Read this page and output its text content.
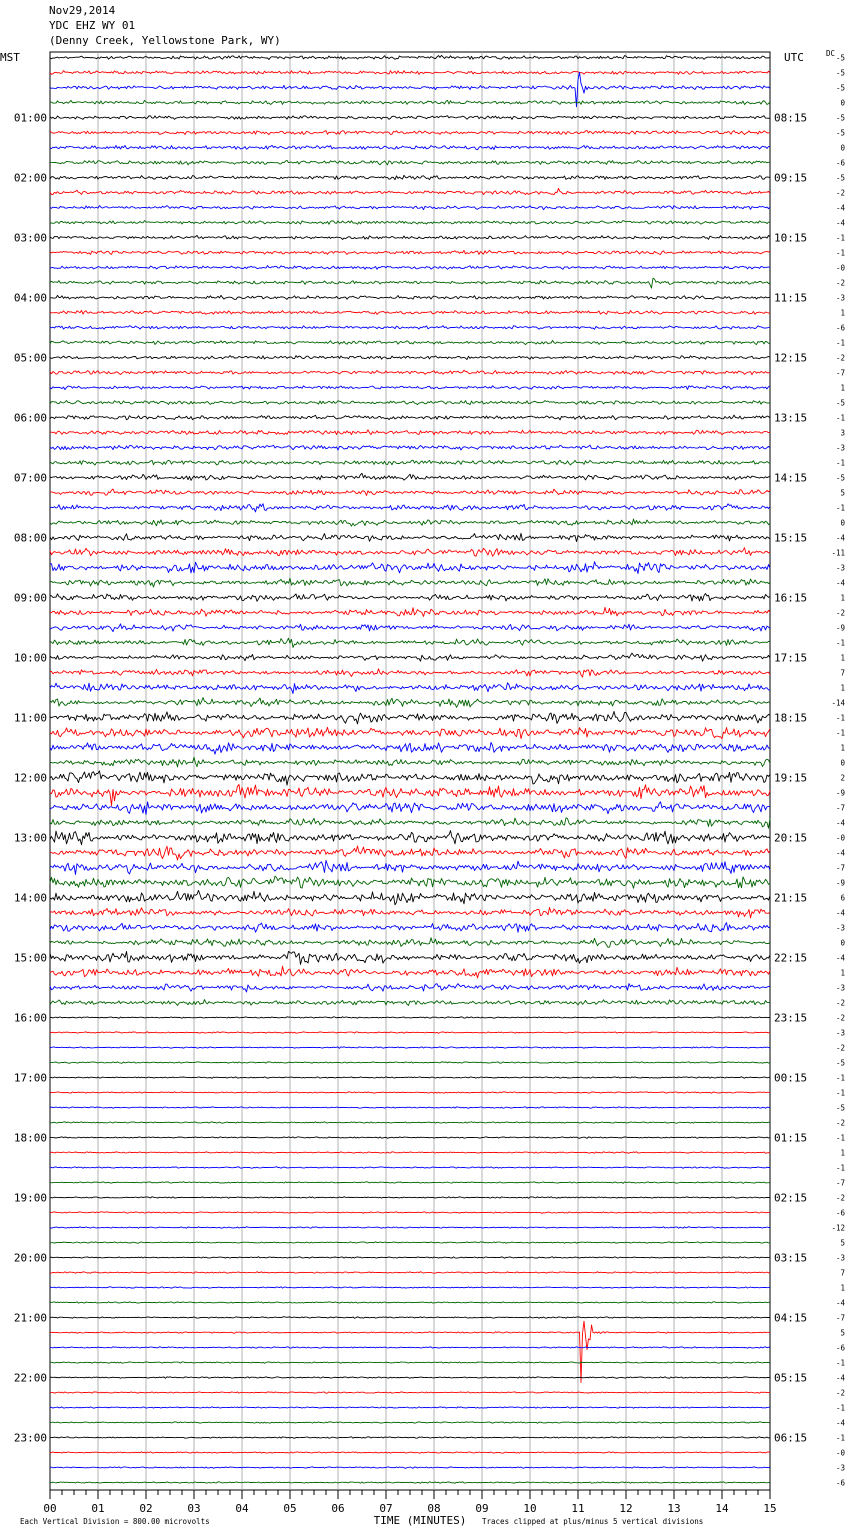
Nov29,2014
YDC EHZ WY 01
(Denny Creek, Yellowstone Park, WY)
00	01	02	03	04	05	06	07	08	09	10	11	12	13	14	15
TIME (MINUTES)
Each Vertical Division = 800.00 microvolts	Traces clipped at plus/minus 5 vertical divisions
MST	UTC	DC
01:00	08:15
02:00	09:15
03:00	10:15
04:00	11:15
05:00	12:15
06:00	13:15
07:00	14:15
08:00	15:15
09:00	16:15
10:00	17:15
11:00	18:15
12:00	19:15
13:00	20:15
14:00	21:15
15:00	22:15
16:00	23:15
17:00	00:15
18:00	01:15
19:00	02:15
20:00	03:15
21:00	04:15
22:00	05:15
23:00	06:15
-5
-5
-5
0
-5
-5
0
-6
-5
-2
-4
-4
-1
-1
-0
-2
-3
1
-6
-1
-2
-7
1
-5
-1
3
-3
-1
-5
5
-1
0
-4
-11
-3
-4
1
-2
-9
-1
1
7
1
-14
-1
-1
1
0
2
-9
-7
-4
-0
-4
-7
-9
6
-4
-3
0
-4
1
-3
-2
-2
-3
-2
-5
-1
-1
-5
-2
-1
1
-1
-7
-2
-6
-12
5
-3
7
1
-4
-7
5
-6
-1
-4
-2
-1
-4
-1
-0
-3
-6
